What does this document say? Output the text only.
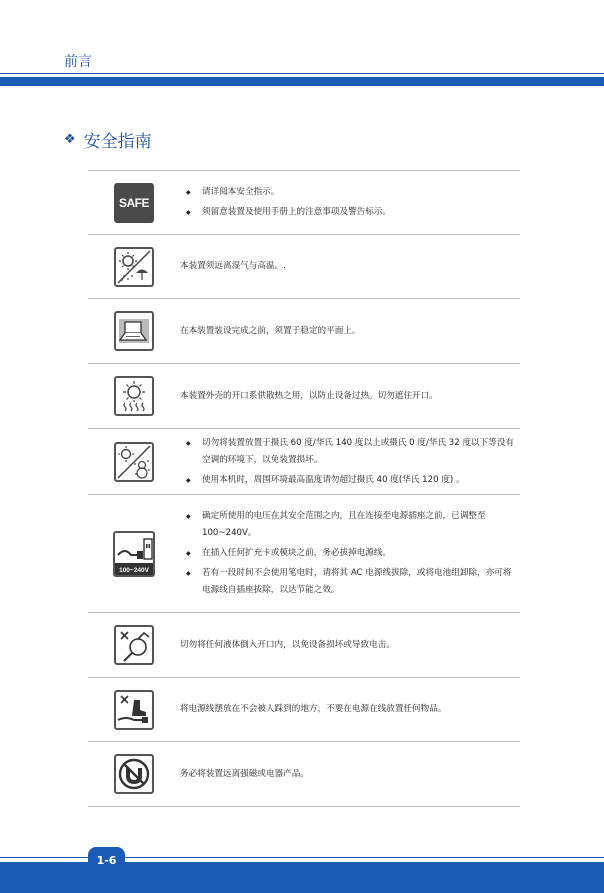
前言
❖ 安全指南
SAFE
◆ 请详阅本安全指示。
◆ 须留意装置及使用手册上的注意事项及警告标示。

本装置须远离湿气与高温。.

在本装置装设完成之前，须置于稳定的平面上。

本装置外壳的开口系供散热之用，以防止设备过热。切勿遮住开口。

◆ 切勿将装置放置于摄氏 60 度/华氏 140 度以上或摄氏 0 度/华氏 32 度以下等没有空调的环境下，以免装置损坏。
◆ 使用本机时，周围环境最高温度请勿超过摄氏 40 度(华氏 120 度) 。
100~240V
◆ 确定所使用的电压在其安全范围之内，且在连接至电源插座之前，已调整至 100~240V。
◆ 在插入任何扩充卡或模块之前，务必拔掉电源线。
◆ 若有一段时间不会使用笔电时，请将其 AC 电源线拔除，或将电池组卸除，亦可将电源线自插座拔除，以达节能之效。

切勿将任何液体倒入开口内，以免设备损坏或导致电击。

将电源线摆放在不会被人踩到的地方，不要在电源在线放置任何物品。

务必将装置远离强磁或电器产品。

1-6
